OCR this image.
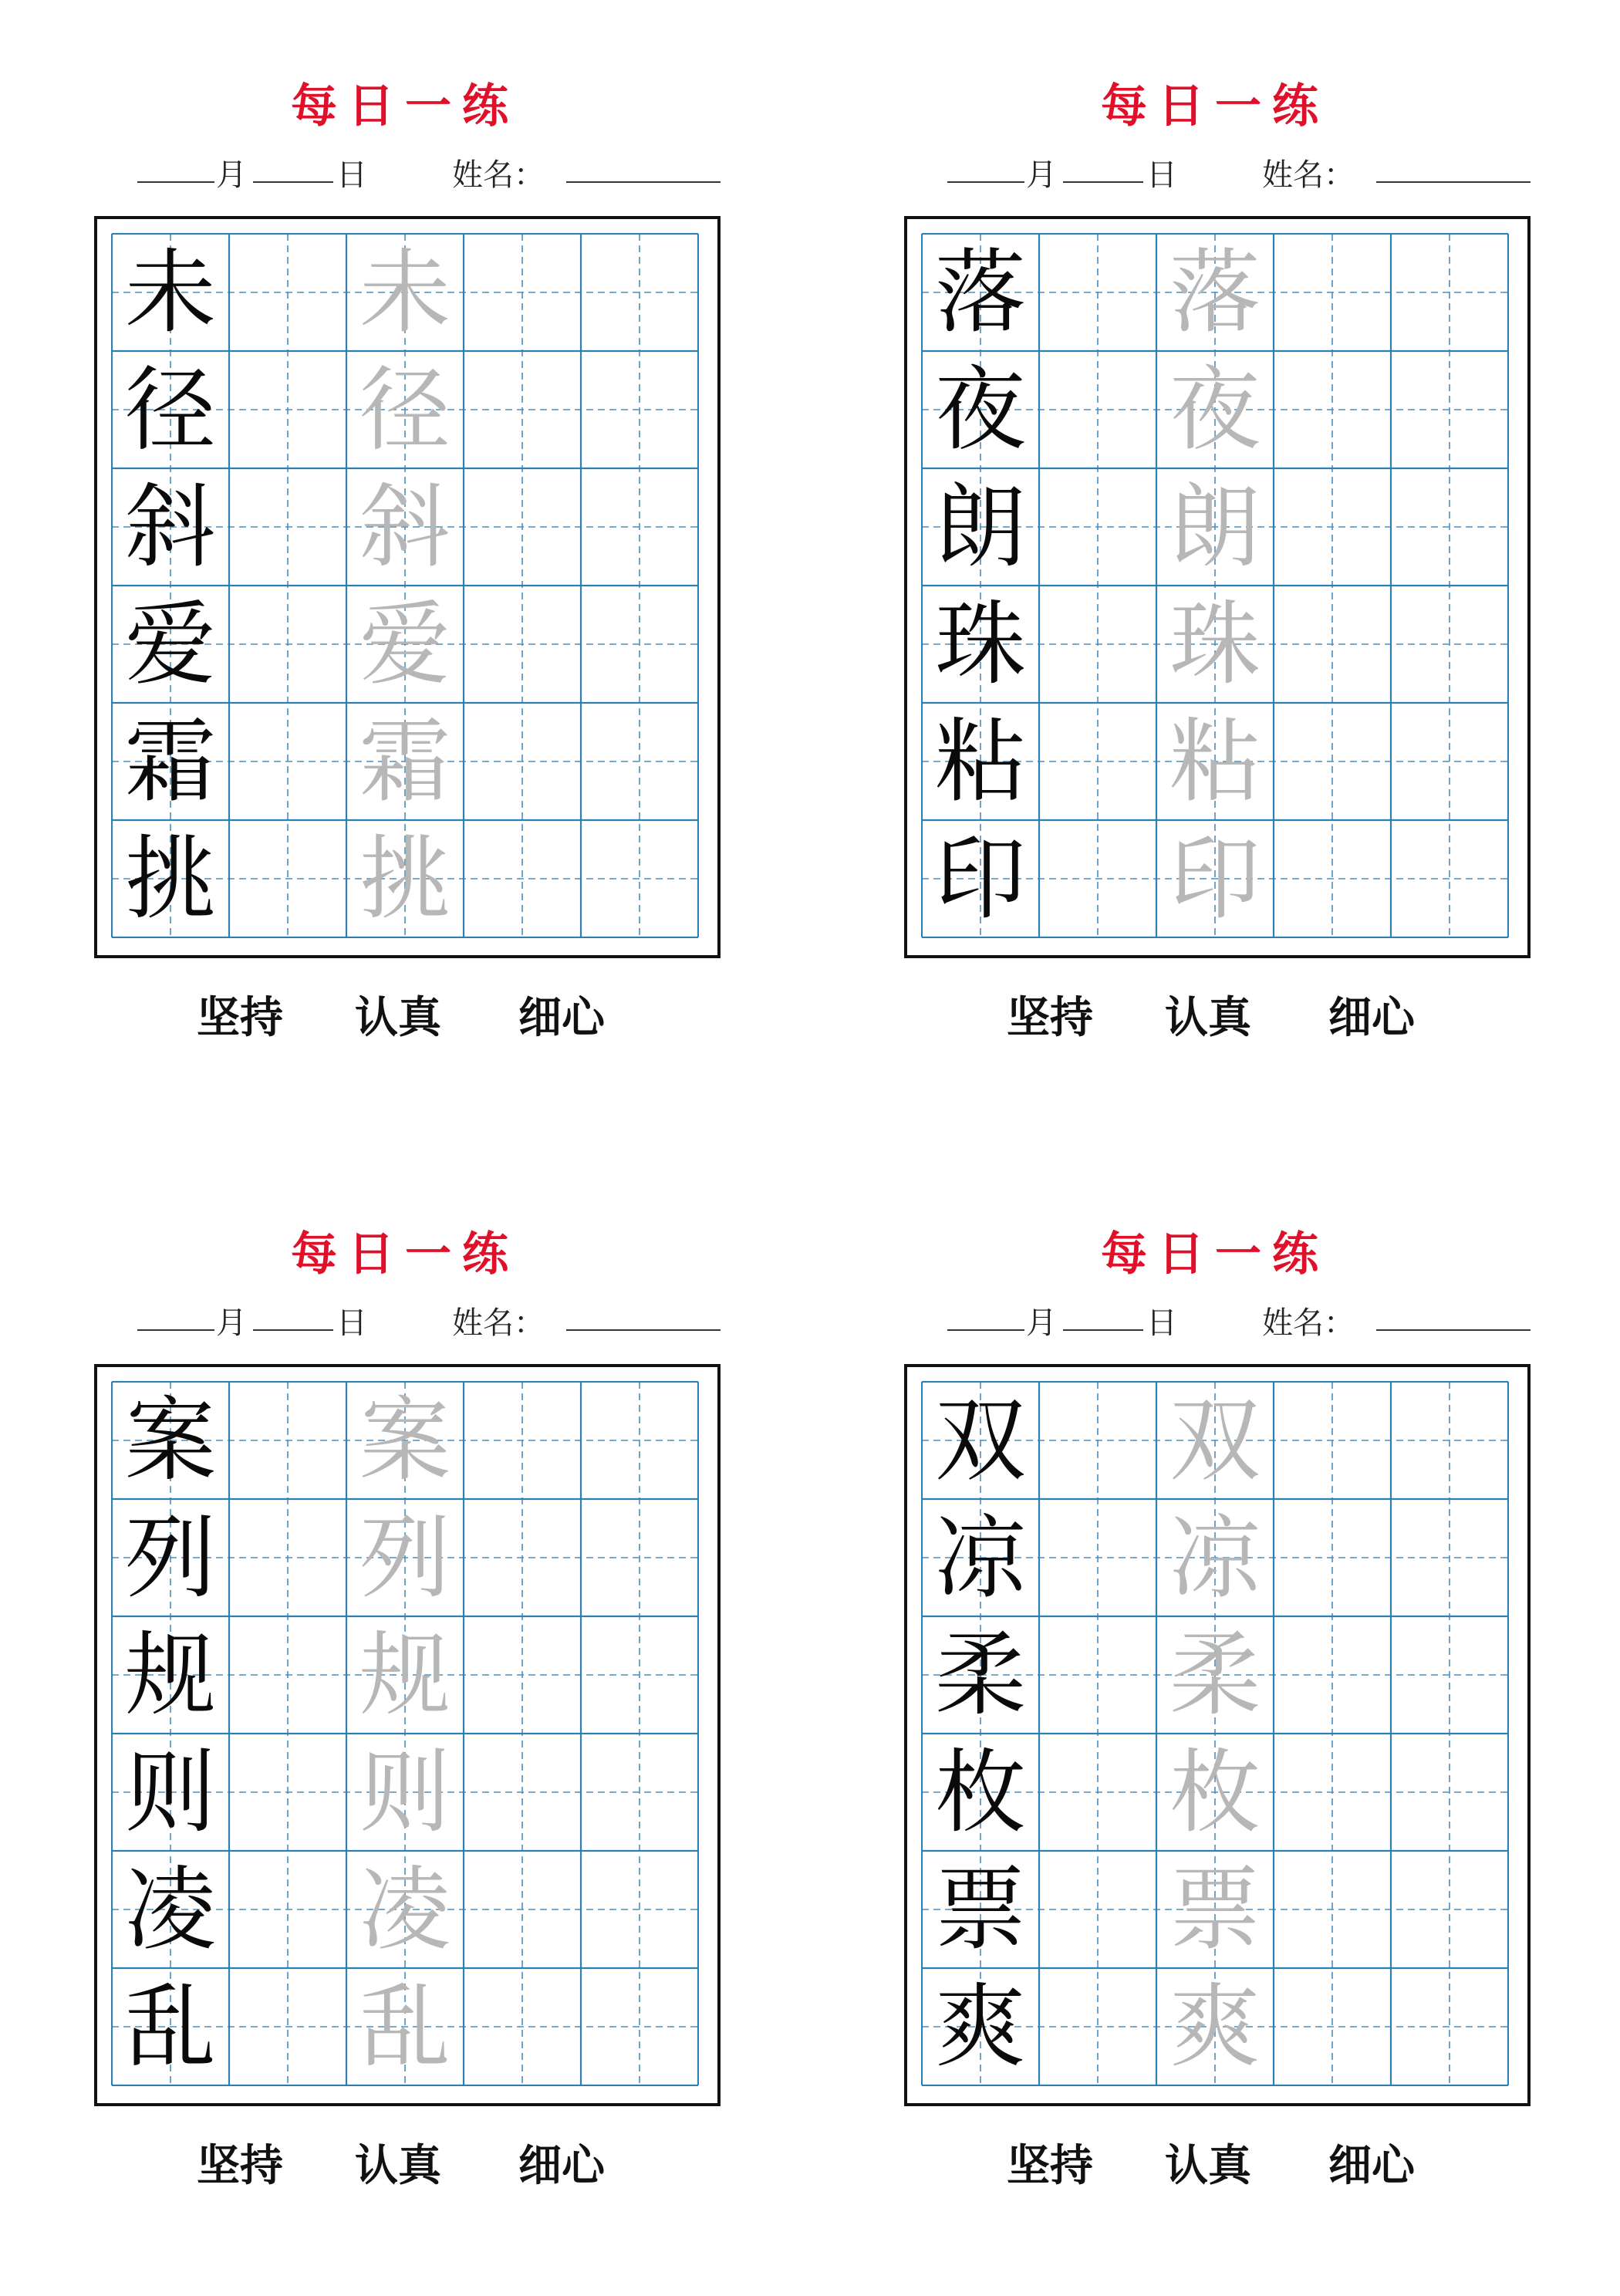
每日一练
月	日	姓名：
未 未
径 径
斜 斜
爱 爱
霜 霜
挑 挑
坚持 认真 细心
每日一练
月	日	姓名：
落 落
夜 夜
朗 朗
珠 珠
粘 粘
印 印
坚持 认真 细心
每日一练
月	日	姓名：
案 案
列 列
规 规
则 则
凌 凌
乱 乱
坚持 认真 细心
每日一练
月	日	姓名：
双 双
凉 凉
柔 柔
枚 枚
票 票
爽 爽
坚持 认真 细心
